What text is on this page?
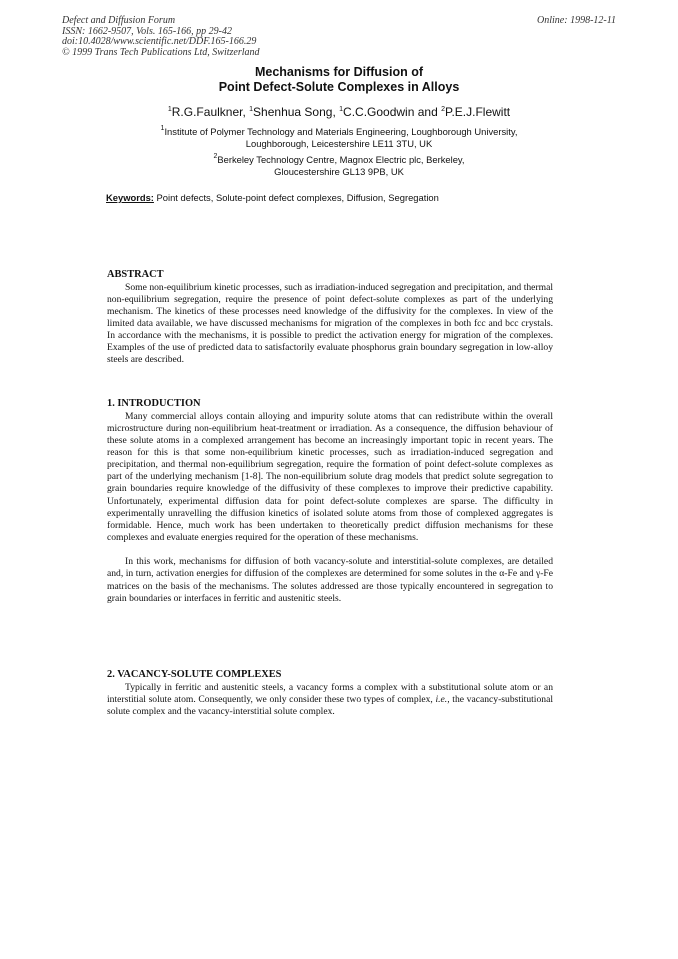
Defect and Diffusion Forum
ISSN: 1662-9507, Vols. 165-166, pp 29-42
doi:10.4028/www.scientific.net/DDF.165-166.29
© 1999 Trans Tech Publications Ltd, Switzerland
Online: 1998-12-11
Mechanisms for Diffusion of
Point Defect-Solute Complexes in Alloys
$^1$R.G.Faulkner, $^1$Shenhua Song, $^1$C.C.Goodwin and $^2$P.E.J.Flewitt
$^1$Institute of Polymer Technology and Materials Engineering, Loughborough University,
Loughborough, Leicestershire LE11 3TU, UK
$^2$Berkeley Technology Centre, Magnox Electric plc, Berkeley,
Gloucestershire GL13 9PB, UK
Keywords: Point defects, Solute-point defect complexes, Diffusion, Segregation
ABSTRACT

Some non-equilibrium kinetic processes, such as irradiation-induced segregation and precipitation, and thermal non-equilibrium segregation, require the presence of point defect-solute complexes as part of the underlying mechanism. The kinetics of these processes need knowledge of the diffusivity for the complexes. In view of the limited data available, we have discussed mechanisms for migration of the complexes in both fcc and bcc crystals. In accordance with the mechanisms, it is possible to predict the activation energy for migration of the complexes. Examples of the use of predicted data to satisfactorily evaluate phosphorus grain boundary segregation in low-alloy steels are described.

1. INTRODUCTION

Many commercial alloys contain alloying and impurity solute atoms that can redistribute within the overall microstructure during non-equilibrium heat-treatment or irradiation. As a consequence, the diffusion behaviour of these solute atoms in a complexed arrangement has become an increasingly important topic in recent years. The reason for this is that some non-equilibrium kinetic processes, such as irradiation-induced segregation and precipitation, and thermal non-equilibrium segregation, require the formation of point defect-solute complexes as part of the underlying mechanism [1-8]. The non-equilibrium solute drag models that predict solute segregation to grain boundaries require knowledge of the diffusivity of these complexes to improve their predictive capability. Unfortunately, experimental diffusion data for point defect-solute complexes are sparse. The difficulty in experimentally unravelling the diffusion kinetics of isolated solute atoms from those of complexed aggregates is formidable. Hence, much work has been undertaken to theoretically predict diffusion mechanisms for these complexes and evaluate energies required for the operation of these mechanisms.

In this work, mechanisms for diffusion of both vacancy-solute and interstitial-solute complexes, are detailed and, in turn, activation energies for diffusion of the complexes are determined for some solutes in the α-Fe and γ-Fe matrices on the basis of the mechanisms. The solutes addressed are those typically encountered in segregation to grain boundaries or interfaces in ferritic and austenitic steels.

2. VACANCY-SOLUTE COMPLEXES

Typically in ferritic and austenitic steels, a vacancy forms a complex with a substitutional solute atom or an interstitial solute atom. Consequently, we only consider these two types of complex, i.e., the vacancy-substitutional solute complex and the vacancy-interstitial solute complex.
